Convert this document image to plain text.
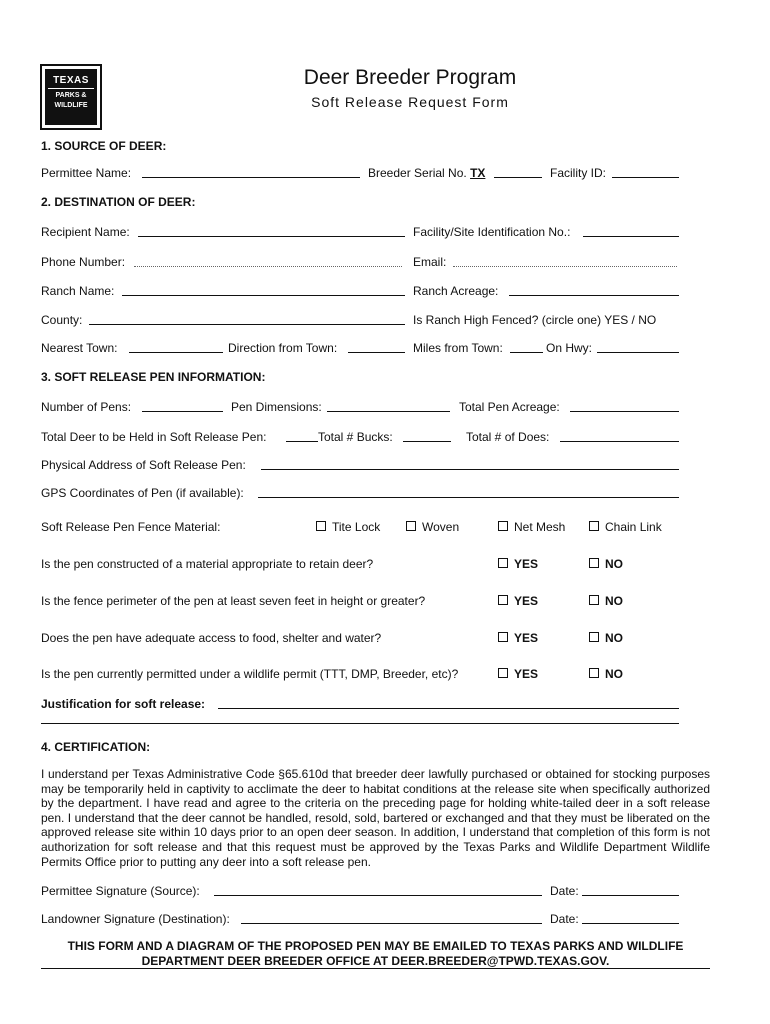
TEXAS
PARKS &
WILDLIFE
Deer Breeder Program
Soft Release Request Form
1. SOURCE OF DEER:
Permittee Name:	Breeder Serial No. TX	Facility ID:
2. DESTINATION OF DEER:
Recipient Name:	Facility/Site Identification No.:
Phone Number:	Email:
Ranch Name:	Ranch Acreage:
County:	Is Ranch High Fenced? (circle one) YES / NO
Nearest Town:	Direction from Town:	Miles from Town:	On Hwy:
3. SOFT RELEASE PEN INFORMATION:
Number of Pens:	Pen Dimensions:	Total Pen Acreage:
Total Deer to be Held in Soft Release Pen:	Total # Bucks:	Total # of Does:
Physical Address of Soft Release Pen:
GPS Coordinates of Pen (if available):
Soft Release Pen Fence Material:	Tite Lock	Woven	Net Mesh	Chain Link
Is the pen constructed of a material appropriate to retain deer?	YES	NO
Is the fence perimeter of the pen at least seven feet in height or greater?	YES	NO
Does the pen have adequate access to food, shelter and water?	YES	NO
Is the pen currently permitted under a wildlife permit (TTT, DMP, Breeder, etc)?	YES	NO
Justification for soft release:
4. CERTIFICATION:
I understand per Texas Administrative Code §65.610d that breeder deer lawfully purchased or obtained for stocking purposes may be temporarily held in captivity to acclimate the deer to habitat conditions at the release site when specifically authorized by the department. I have read and agree to the criteria on the preceding page for holding white-tailed deer in a soft release pen. I understand that the deer cannot be handled, resold, sold, bartered or exchanged and that they must be liberated on the approved release site within 10 days prior to an open deer season. In addition, I understand that completion of this form is not authorization for soft release and that this request must be approved by the Texas Parks and Wildlife Department Wildlife Permits Office prior to putting any deer into a soft release pen.
Permittee Signature (Source):	Date:
Landowner Signature (Destination):	Date:
THIS FORM AND A DIAGRAM OF THE PROPOSED PEN MAY BE EMAILED TO TEXAS PARKS AND WILDLIFE
DEPARTMENT DEER BREEDER OFFICE AT DEER.BREEDER@TPWD.TEXAS.GOV.
